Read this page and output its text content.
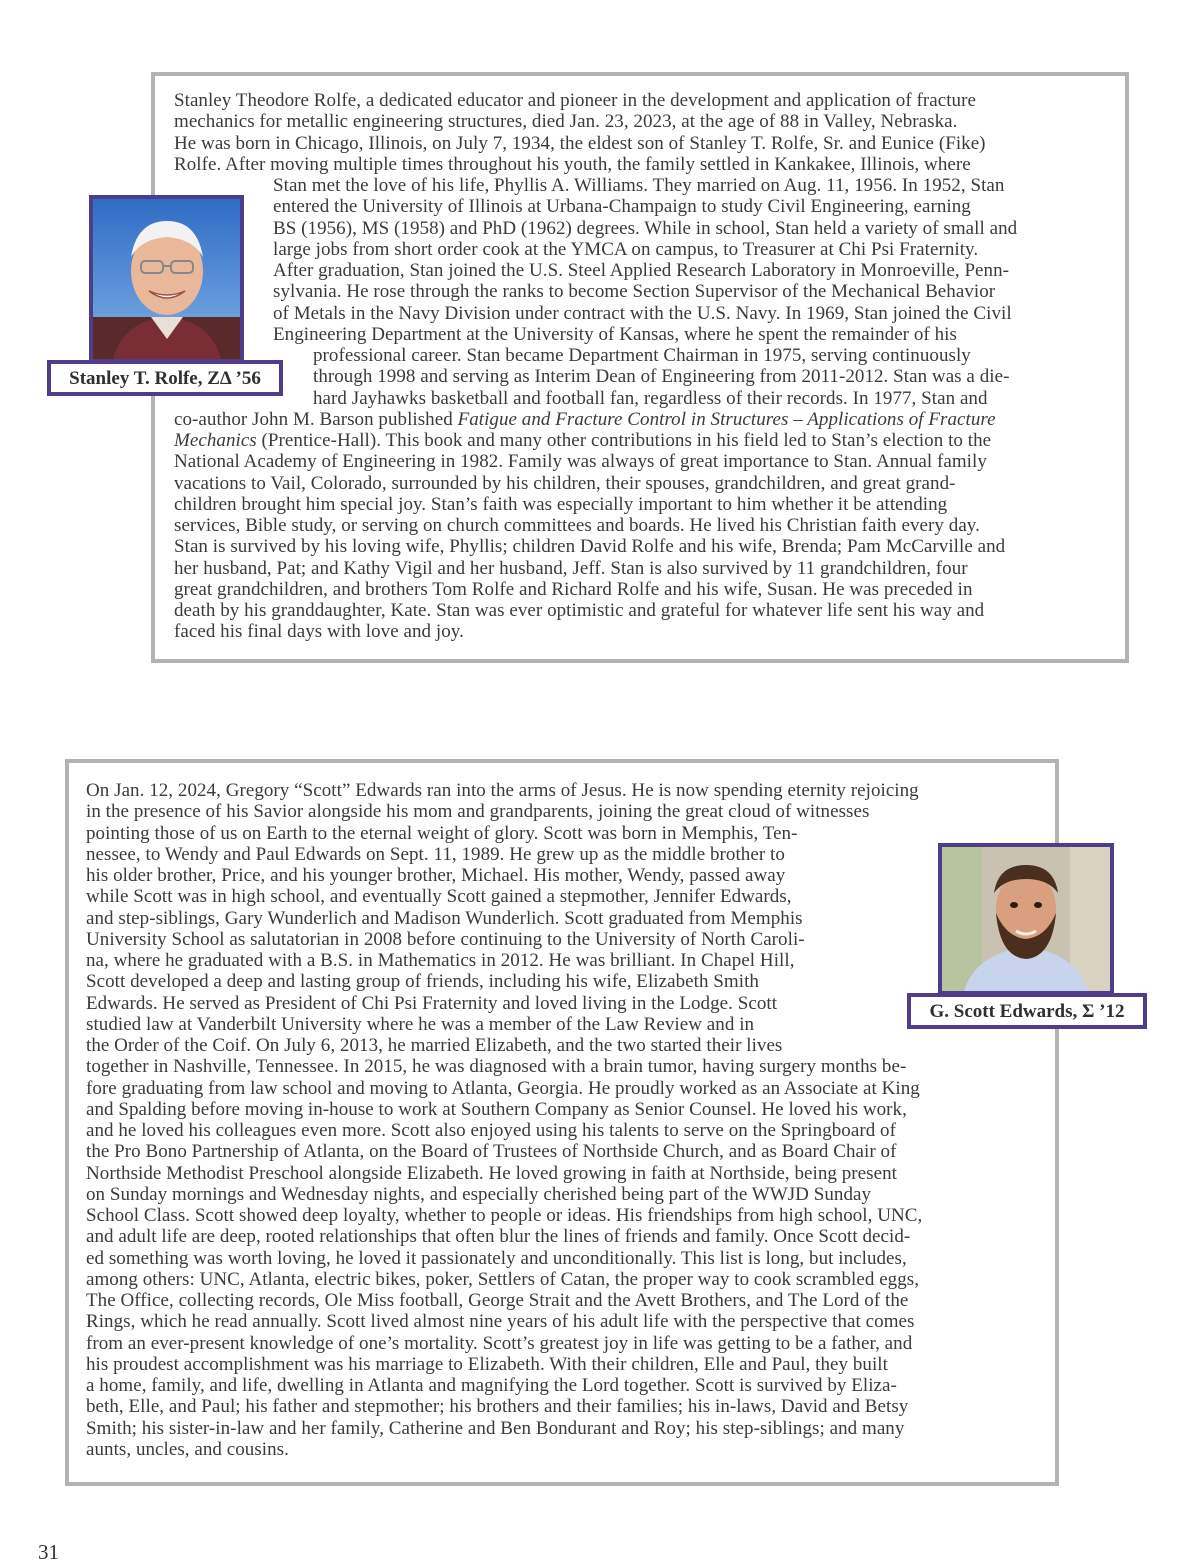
Stanley Theodore Rolfe, a dedicated educator and pioneer in the development and application of fracture
mechanics for metallic engineering structures, died Jan. 23, 2023, at the age of 88 in Valley, Nebraska.
He was born in Chicago, Illinois, on July 7, 1934, the eldest son of Stanley T. Rolfe, Sr. and Eunice (Fike)
Rolfe. After moving multiple times throughout his youth, the family settled in Kankakee, Illinois, where
Stan met the love of his life, Phyllis A. Williams. They married on Aug. 11, 1956. In 1952, Stan
entered the University of Illinois at Urbana-Champaign to study Civil Engineering, earning
BS (1956), MS (1958) and PhD (1962) degrees. While in school, Stan held a variety of small and
large jobs from short order cook at the YMCA on campus, to Treasurer at Chi Psi Fraternity.
After graduation, Stan joined the U.S. Steel Applied Research Laboratory in Monroeville, Penn-
sylvania. He rose through the ranks to become Section Supervisor of the Mechanical Behavior
of Metals in the Navy Division under contract with the U.S. Navy. In 1969, Stan joined the Civil
Engineering Department at the University of Kansas, where he spent the remainder of his
professional career. Stan became Department Chairman in 1975, serving continuously
through 1998 and serving as Interim Dean of Engineering from 2011-2012. Stan was a die-
hard Jayhawks basketball and football fan, regardless of their records. In 1977, Stan and
co-author John M. Barson published Fatigue and Fracture Control in Structures – Applications of Fracture
Mechanics (Prentice-Hall). This book and many other contributions in his field led to Stan’s election to the
National Academy of Engineering in 1982. Family was always of great importance to Stan. Annual family
vacations to Vail, Colorado, surrounded by his children, their spouses, grandchildren, and great grand-
children brought him special joy. Stan’s faith was especially important to him whether it be attending
services, Bible study, or serving on church committees and boards. He lived his Christian faith every day.
Stan is survived by his loving wife, Phyllis; children David Rolfe and his wife, Brenda; Pam McCarville and
her husband, Pat; and Kathy Vigil and her husband, Jeff. Stan is also survived by 11 grandchildren, four
great grandchildren, and brothers Tom Rolfe and Richard Rolfe and his wife, Susan. He was preceded in
death by his granddaughter, Kate. Stan was ever optimistic and grateful for whatever life sent his way and
faced his final days with love and joy.
Stanley T. Rolfe, ZΔ ’56
On Jan. 12, 2024, Gregory “Scott” Edwards ran into the arms of Jesus. He is now spending eternity rejoicing
in the presence of his Savior alongside his mom and grandparents, joining the great cloud of witnesses
pointing those of us on Earth to the eternal weight of glory. Scott was born in Memphis, Ten-
nessee, to Wendy and Paul Edwards on Sept. 11, 1989. He grew up as the middle brother to
his older brother, Price, and his younger brother, Michael. His mother, Wendy, passed away
while Scott was in high school, and eventually Scott gained a stepmother, Jennifer Edwards,
and step-siblings, Gary Wunderlich and Madison Wunderlich. Scott graduated from Memphis
University School as salutatorian in 2008 before continuing to the University of North Caroli-
na, where he graduated with a B.S. in Mathematics in 2012. He was brilliant. In Chapel Hill,
Scott developed a deep and lasting group of friends, including his wife, Elizabeth Smith
Edwards. He served as President of Chi Psi Fraternity and loved living in the Lodge. Scott
studied law at Vanderbilt University where he was a member of the Law Review and in
the Order of the Coif. On July 6, 2013, he married Elizabeth, and the two started their lives
together in Nashville, Tennessee. In 2015, he was diagnosed with a brain tumor, having surgery months be-
fore graduating from law school and moving to Atlanta, Georgia. He proudly worked as an Associate at King
and Spalding before moving in-house to work at Southern Company as Senior Counsel. He loved his work,
and he loved his colleagues even more. Scott also enjoyed using his talents to serve on the Springboard of
the Pro Bono Partnership of Atlanta, on the Board of Trustees of Northside Church, and as Board Chair of
Northside Methodist Preschool alongside Elizabeth. He loved growing in faith at Northside, being present
on Sunday mornings and Wednesday nights, and especially cherished being part of the WWJD Sunday
School Class. Scott showed deep loyalty, whether to people or ideas. His friendships from high school, UNC,
and adult life are deep, rooted relationships that often blur the lines of friends and family. Once Scott decid-
ed something was worth loving, he loved it passionately and unconditionally. This list is long, but includes,
among others: UNC, Atlanta, electric bikes, poker, Settlers of Catan, the proper way to cook scrambled eggs,
The Office, collecting records, Ole Miss football, George Strait and the Avett Brothers, and The Lord of the
Rings, which he read annually. Scott lived almost nine years of his adult life with the perspective that comes
from an ever-present knowledge of one’s mortality. Scott’s greatest joy in life was getting to be a father, and
his proudest accomplishment was his marriage to Elizabeth. With their children, Elle and Paul, they built
a home, family, and life, dwelling in Atlanta and magnifying the Lord together. Scott is survived by Eliza-
beth, Elle, and Paul; his father and stepmother; his brothers and their families; his in-laws, David and Betsy
Smith; his sister-in-law and her family, Catherine and Ben Bondurant and Roy; his step-siblings; and many
aunts, uncles, and cousins.
G. Scott Edwards, Σ ’12
31
